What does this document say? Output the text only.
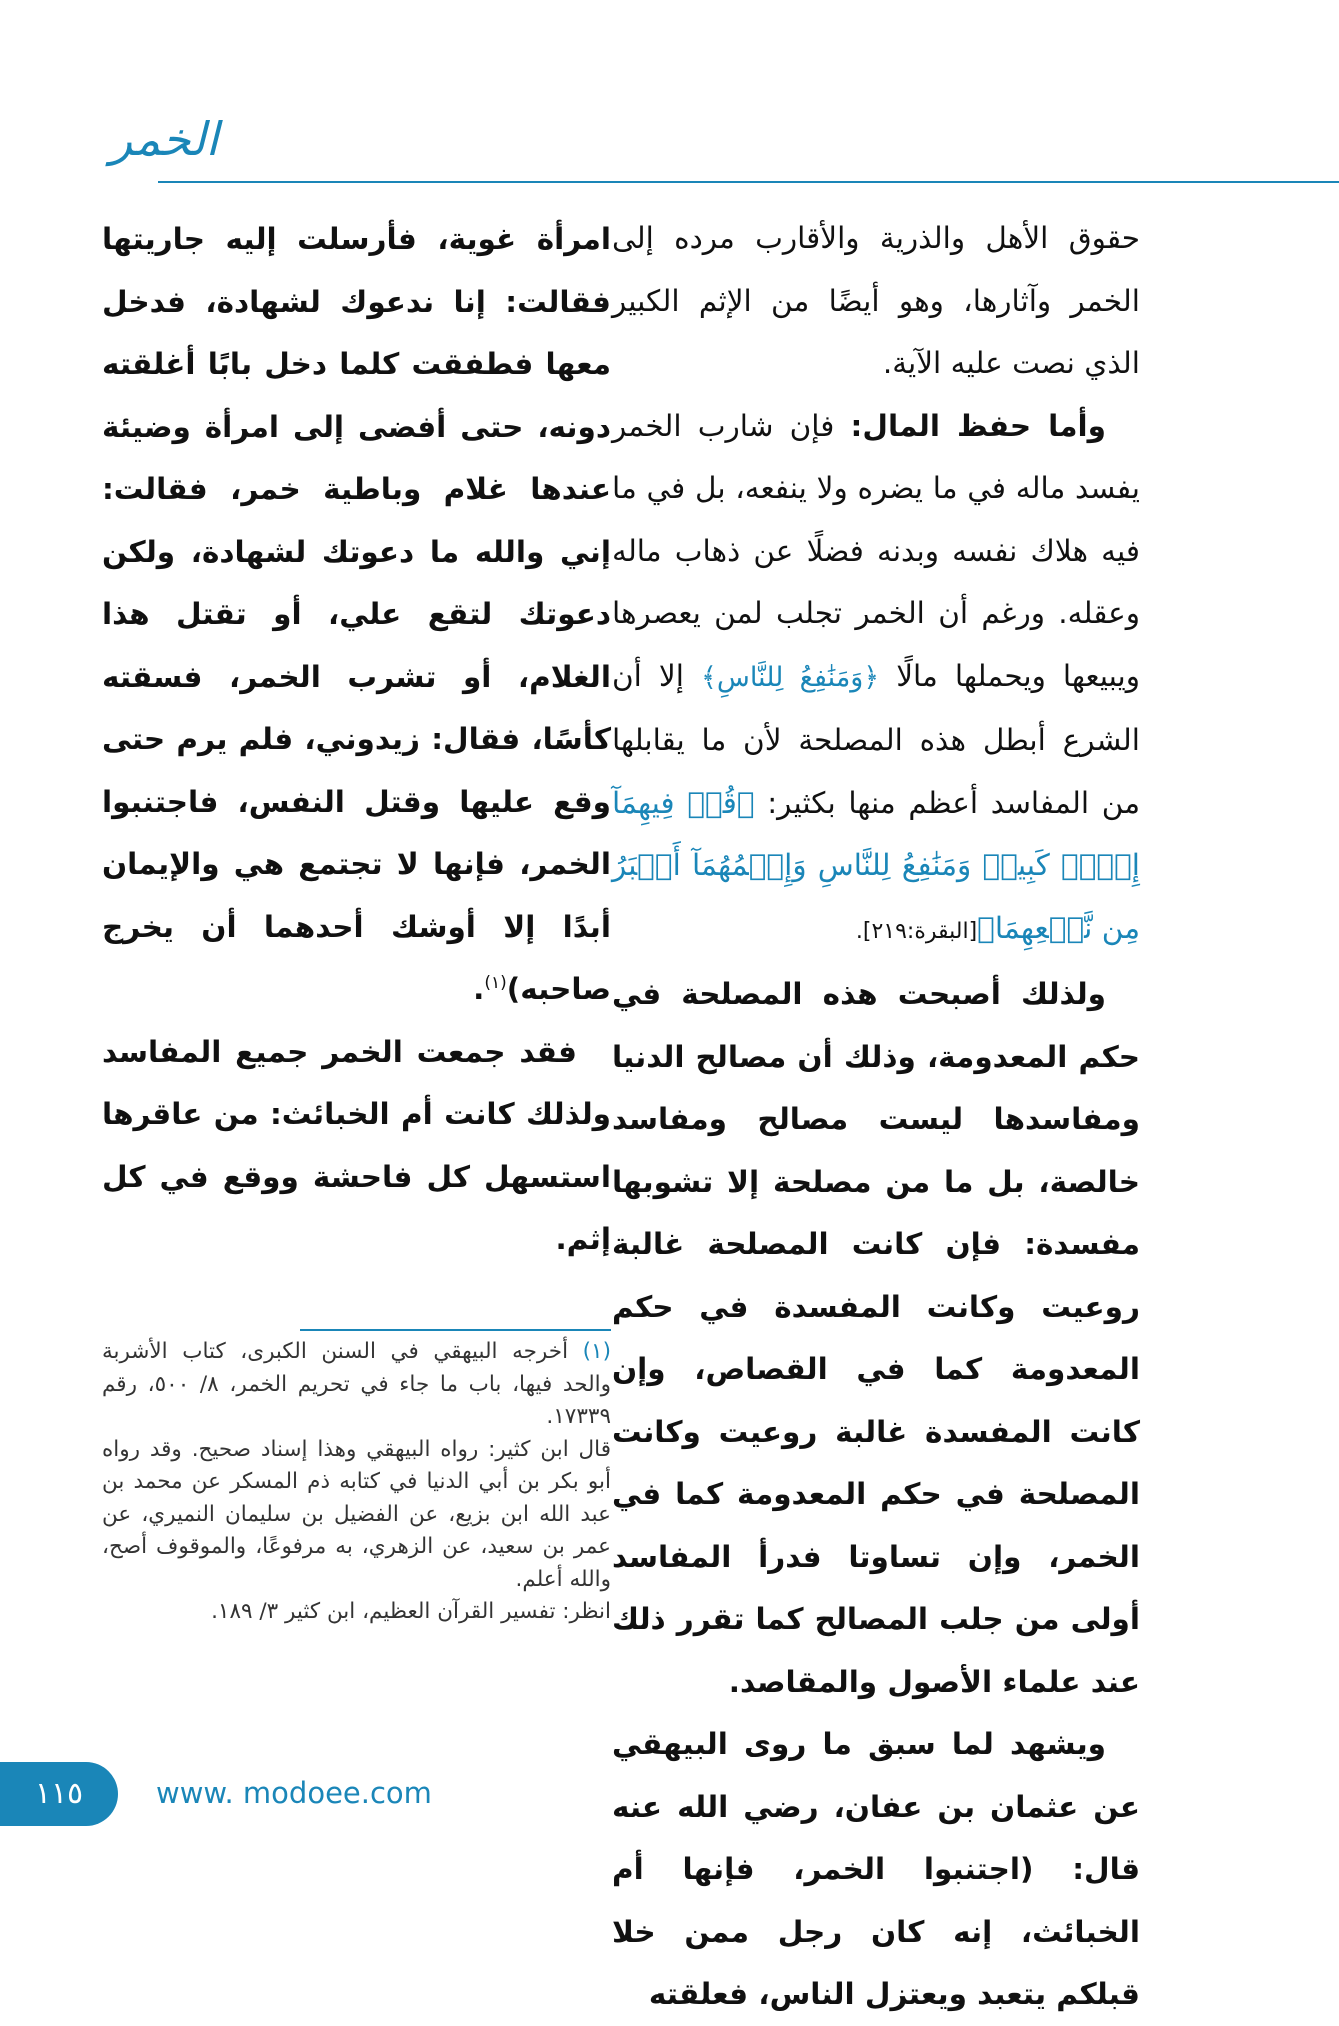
الخمر

حقوق الأهل والذرية والأقارب مرده إلى الخمر وآثارها، وهو أيضًا من الإثم الكبير الذي نصت عليه الآية.

وأما حفظ المال: فإن شارب الخمر يفسد ماله في ما يضره ولا ينفعه، بل في ما فيه هلاك نفسه وبدنه فضلًا عن ذهاب ماله وعقله. ورغم أن الخمر تجلب لمن يعصرها ويبيعها ويحملها مالًا ﴿وَمَنَٰفِعُ لِلنَّاسِ﴾ إلا أن الشرع أبطل هذه المصلحة لأن ما يقابلها من المفاسد أعظم منها بكثير: ﴿قُلۡ فِيهِمَآ إِثۡمٞ كَبِيرٞ وَمَنَٰفِعُ لِلنَّاسِ وَإِثۡمُهُمَآ أَكۡبَرُ مِن نَّفۡعِهِمَا﴾[البقرة:٢١٩].

ولذلك أصبحت هذه المصلحة في حكم المعدومة، وذلك أن مصالح الدنيا ومفاسدها ليست مصالح ومفاسد خالصة، بل ما من مصلحة إلا تشوبها مفسدة: فإن كانت المصلحة غالبة روعيت وكانت المفسدة في حكم المعدومة كما في القصاص، وإن كانت المفسدة غالبة روعيت وكانت المصلحة في حكم المعدومة كما في الخمر، وإن تساوتا فدرأ المفاسد أولى من جلب المصالح كما تقرر ذلك عند علماء الأصول والمقاصد.

ويشهد لما سبق ما روى البيهقي عن عثمان بن عفان، رضي الله عنه قال: (اجتنبوا الخمر، فإنها أم الخبائث، إنه كان رجل ممن خلا قبلكم يتعبد ويعتزل الناس، فعلقته

امرأة غوية، فأرسلت إليه جاريتها فقالت: إنا ندعوك لشهادة، فدخل معها فطفقت كلما دخل بابًا أغلقته دونه، حتى أفضى إلى امرأة وضيئة عندها غلام وباطية خمر، فقالت: إني والله ما دعوتك لشهادة، ولكن دعوتك لتقع علي، أو تقتل هذا الغلام، أو تشرب الخمر، فسقته كأسًا، فقال: زيدوني، فلم يرم حتى وقع عليها وقتل النفس، فاجتنبوا الخمر، فإنها لا تجتمع هي والإيمان أبدًا إلا أوشك أحدهما أن يخرج صاحبه)$^{(١)}$.

فقد جمعت الخمر جميع المفاسد ولذلك كانت أم الخبائث: من عاقرها استسهل كل فاحشة ووقع في كل إثم.

(١) أخرجه البيهقي في السنن الكبرى، كتاب الأشربة والحد فيها، باب ما جاء في تحريم الخمر، ٨/ ٥٠٠، رقم ١٧٣٣٩.

قال ابن كثير: رواه البيهقي وهذا إسناد صحيح. وقد رواه أبو بكر بن أبي الدنيا في كتابه ذم المسكر عن محمد بن عبد الله ابن بزيع، عن الفضيل بن سليمان النميري، عن عمر بن سعيد، عن الزهري، به مرفوعًا، والموقوف أصح، والله أعلم.

انظر: تفسير القرآن العظيم، ابن كثير ٣/ ١٨٩.

١١٥	www. modoee.com
